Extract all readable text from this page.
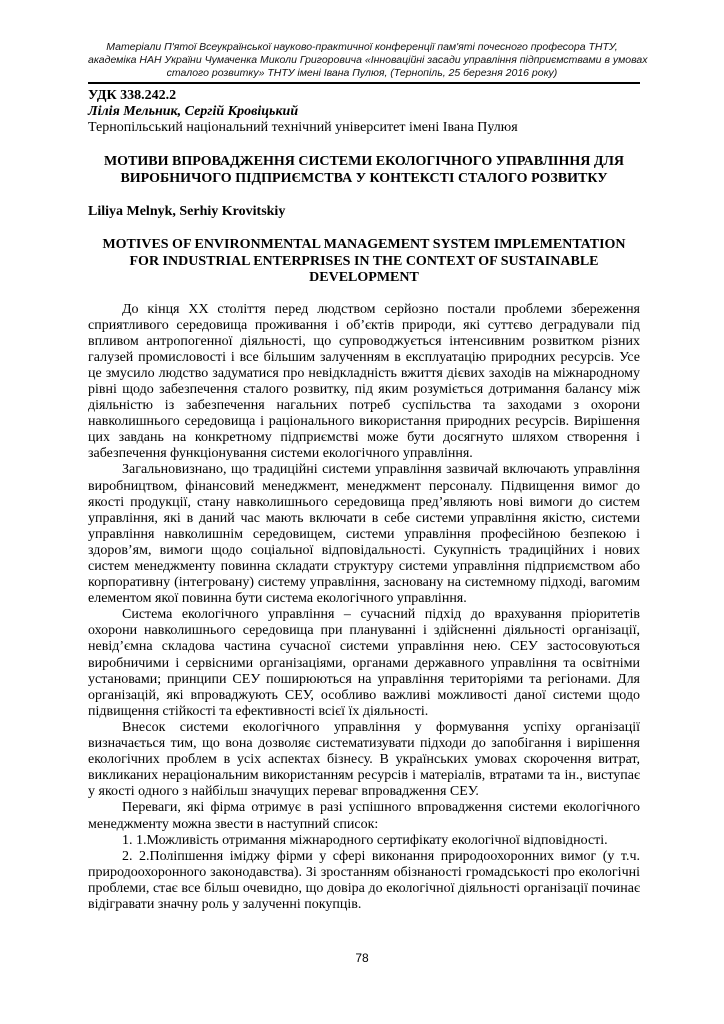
Матеріали П'ятої Всеукраїнської науково-практичної конференції пам'яті почесного професора ТНТУ,
академіка НАН України Чумаченка Миколи Григоровича «Інноваційні засади управління підприємствами в умовах
сталого розвитку» ТНТУ імені Івана Пулюя, (Тернопіль, 25 березня 2016 року)
УДК 338.242.2
Лілія Мельник, Сергій Кровіцький
Тернопільський національний технічний університет імені Івана Пулюя
МОТИВИ ВПРОВАДЖЕННЯ СИСТЕМИ ЕКОЛОГІЧНОГО УПРАВЛІННЯ ДЛЯ
ВИРОБНИЧОГО ПІДПРИЄМСТВА У КОНТЕКСТІ СТАЛОГО РОЗВИТКУ
Liliya Melnyk, Serhiy Krovitskiy
MOTIVES OF ENVIRONMENTAL MANAGEMENT SYSTEM IMPLEMENTATION
FOR INDUSTRIAL ENTERPRISES IN THE CONTEXT OF SUSTAINABLE
DEVELOPMENT

До кінця ХХ століття перед людством серйозно постали проблеми збереження сприятливого середовища проживання і об’єктів природи, які суттєво деградували під впливом антропогенної діяльності, що супроводжується інтенсивним розвитком різних галузей промисловості і все більшим залученням в експлуатацію природних ресурсів. Усе це змусило людство задуматися про невідкладність вжиття дієвих заходів на міжнародному рівні щодо забезпечення сталого розвитку, під яким розуміється дотримання балансу між діяльністю із забезпечення нагальних потреб суспільства та заходами з охорони навколишнього середовища і раціонального використання природних ресурсів. Вирішення цих завдань на конкретному підприємстві може бути досягнуто шляхом створення і забезпечення функціонування системи екологічного управління.

Загальновизнано, що традиційні системи управління зазвичай включають управління виробництвом, фінансовий менеджмент, менеджмент персоналу. Підвищення вимог до якості продукції, стану навколишнього середовища пред’являють нові вимоги до систем управління, які в даний час мають включати в себе системи управління якістю, системи управління навколишнім середовищем, системи управління професійною безпекою і здоров’ям, вимоги щодо соціальної відповідальності. Сукупність традиційних і нових систем менеджменту повинна складати структуру системи управління підприємством або корпоративну (інтегровану) систему управління, засновану на системному підході, вагомим елементом якої повинна бути система екологічного управління.

Система екологічного управління – сучасний підхід до врахування пріоритетів охорони навколишнього середовища при плануванні і здійсненні діяльності організації, невід’ємна складова частина сучасної системи управління нею. СЕУ застосовуються виробничими і сервісними організаціями, органами державного управління та освітніми установами; принципи СЕУ поширюються на управління територіями та регіонами. Для організацій, які впроваджують СЕУ, особливо важливі можливості даної системи щодо підвищення стійкості та ефективності всієї їх діяльності.

Внесок системи екологічного управління у формування успіху організації визначається тим, що вона дозволяє систематизувати підходи до запобігання і вирішення екологічних проблем в усіх аспектах бізнесу. В українських умовах скорочення витрат, викликаних нераціональним використанням ресурсів і матеріалів, втратами та ін., виступає у якості одного з найбільш значущих переваг впровадження СЕУ.

Переваги, які фірма отримує в разі успішного впровадження системи екологічного менеджменту можна звести в наступний список:

1. 1.Можливість отримання міжнародного сертифікату екологічної відповідності.

2. 2.Поліпшення іміджу фірми у сфері виконання природоохоронних вимог (у т.ч. природоохоронного законодавства). Зі зростанням обізнаності громадськості про екологічні проблеми, стає все більш очевидно, що довіра до екологічної діяльності організації починає відігравати значну роль у залученні покупців.

78
